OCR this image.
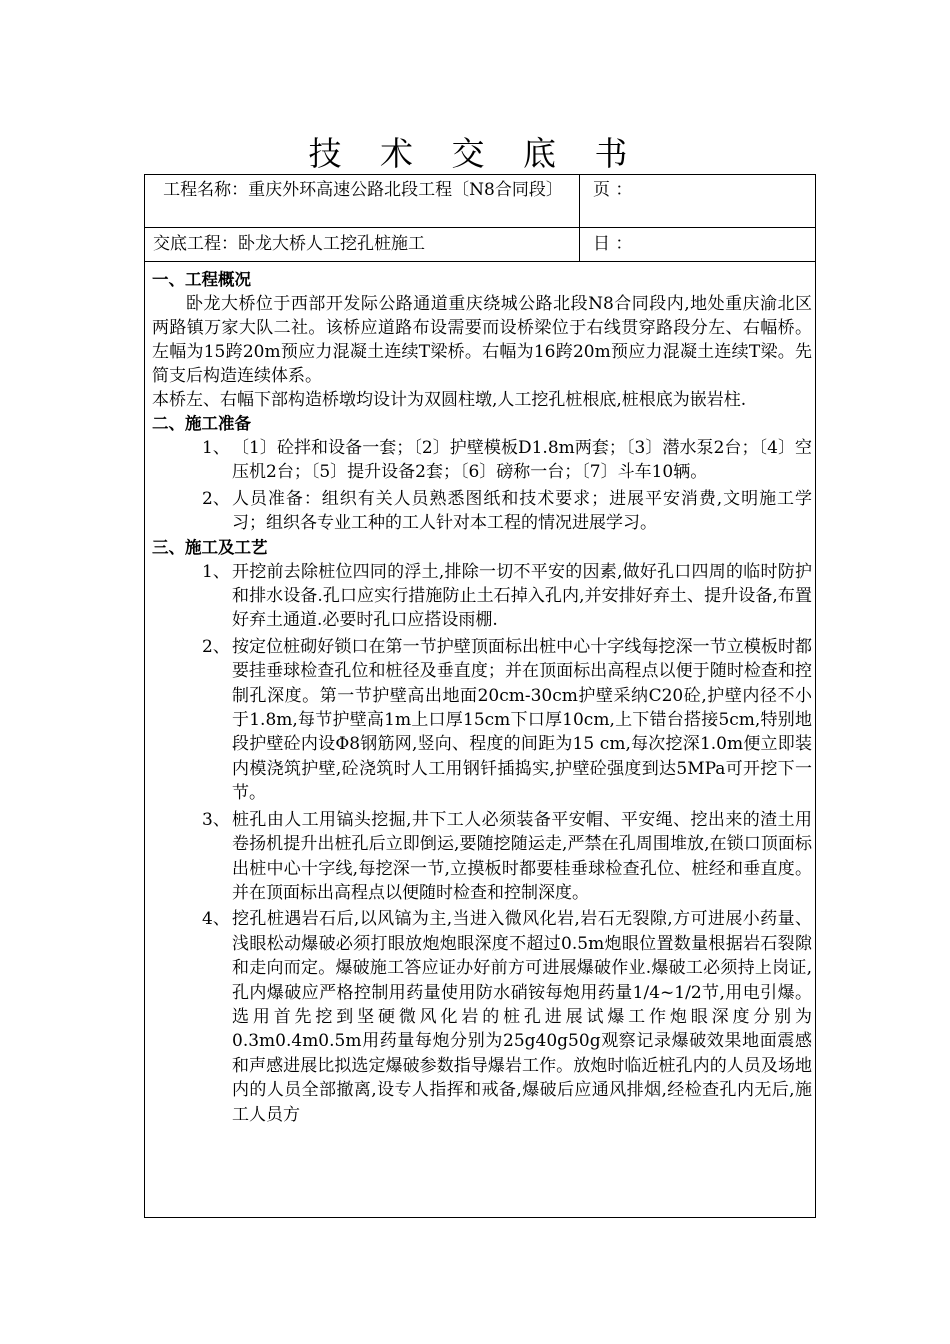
技 术 交 底 书
工程名称：重庆外环高速公路北段工程〔N8合同段〕	页 ：
交底工程：卧龙大桥人工挖孔桩施工	日 ：

一、工程概况

卧龙大桥位于西部开发际公路通道重庆绕城公路北段N8合同段内,地处重庆渝北区两路镇万家大队二社。该桥应道路布设需要而设桥梁位于右线贯穿路段分左、右幅桥。左幅为15跨20m预应力混凝土连续T梁桥。右幅为16跨20m预应力混凝土连续T梁。先简支后构造连续体系。

本桥左、右幅下部构造桥墩均设计为双圆柱墩,人工挖孔桩根底,桩根底为嵌岩柱.

二、施工准备

1、 〔1〕砼拌和设备一套；〔2〕护壁模板D1.8m两套；〔3〕潜水泵2台；〔4〕空压机2台；〔5〕提升设备2套；〔6〕磅称一台；〔7〕斗车10辆。
2、 人员准备：组织有关人员熟悉图纸和技术要求；进展平安消费,文明施工学习；组织各专业工种的工人针对本工程的情况进展学习。

三、施工及工艺

1、 开挖前去除桩位四同的浮土,排除一切不平安的因素,做好孔口四周的临时防护和排水设备.孔口应实行措施防止土石掉入孔内,并安排好弃土、提升设备,布置好弃土通道.必要时孔口应搭设雨棚.
2、 按定位桩砌好锁口在第一节护壁顶面标出桩中心十字线每挖深一节立模板时都要挂垂球检查孔位和桩径及垂直度；并在顶面标出高程点以便于随时检查和控制孔深度。第一节护壁高出地面20cm-30cm护壁采纳C20砼,护壁内径不小于1.8m,每节护壁高1m上口厚15cm下口厚10cm,上下错台搭接5cm,特别地段护壁砼内设Φ8钢筋网,竖向、程度的间距为15 cm,每次挖深1.0m便立即装内模浇筑护壁,砼浇筑时人工用钢钎插捣实,护壁砼强度到达5MPa可开挖下一节。
3、 桩孔由人工用镐头挖掘,井下工人必须装备平安帽、平安绳、挖出来的渣土用卷扬机提升出桩孔后立即倒运,要随挖随运走,严禁在孔周围堆放,在锁口顶面标出桩中心十字线,每挖深一节,立摸板时都要桂垂球检查孔位、桩经和垂直度。并在顶面标出高程点以便随时检查和控制深度。
4、 挖孔桩遇岩石后,以风镐为主,当进入微风化岩,岩石无裂隙,方可进展小药量、浅眼松动爆破必须打眼放炮炮眼深度不超过0.5m炮眼位置数量根据岩石裂隙和走向而定。爆破施工答应证办好前方可进展爆破作业.爆破工必须持上岗证,孔内爆破应严格控制用药量使用防水硝铵每炮用药量1/4~1/2节,用电引爆。选用首先挖到坚硬微风化岩的桩孔进展试爆工作炮眼深度分别为0.3m0.4m0.5m用药量每炮分别为25g40g50g观察记录爆破效果地面震感和声感进展比拟选定爆破参数指导爆岩工作。放炮时临近桩孔内的人员及场地内的人员全部撤离,设专人指挥和戒备,爆破后应通风排烟,经检查孔内无后,施工人员方
